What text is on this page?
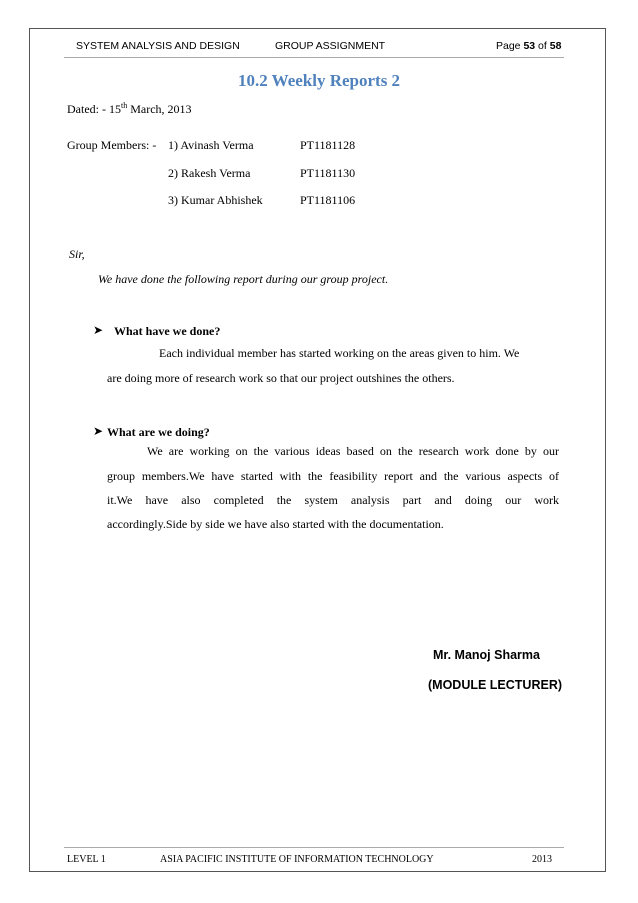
SYSTEM ANALYSIS AND DESIGN	GROUP ASSIGNMENT	Page 53 of 58
10.2 Weekly Reports 2
Dated: - 15th March, 2013
Group Members: - 1) Avinash Verma	PT1181128
2) Rakesh Verma	PT1181130
3) Kumar Abhishek	PT1181106
Sir,
We have done the following report during our group project.
➤ What have we done?
Each individual member has started working on the areas given to him. We
are doing more of research work so that our project outshines the others.
➤ What are we doing?
We are working on the various ideas based on the research work done by our
group members.We have started with the feasibility report and the various aspects of
it.We have also completed the system analysis part and doing our work
accordingly.Side by side we have also started with the documentation.
Mr. Manoj Sharma
(MODULE LECTURER)
LEVEL 1	ASIA PACIFIC INSTITUTE OF INFORMATION TECHNOLOGY	2013
